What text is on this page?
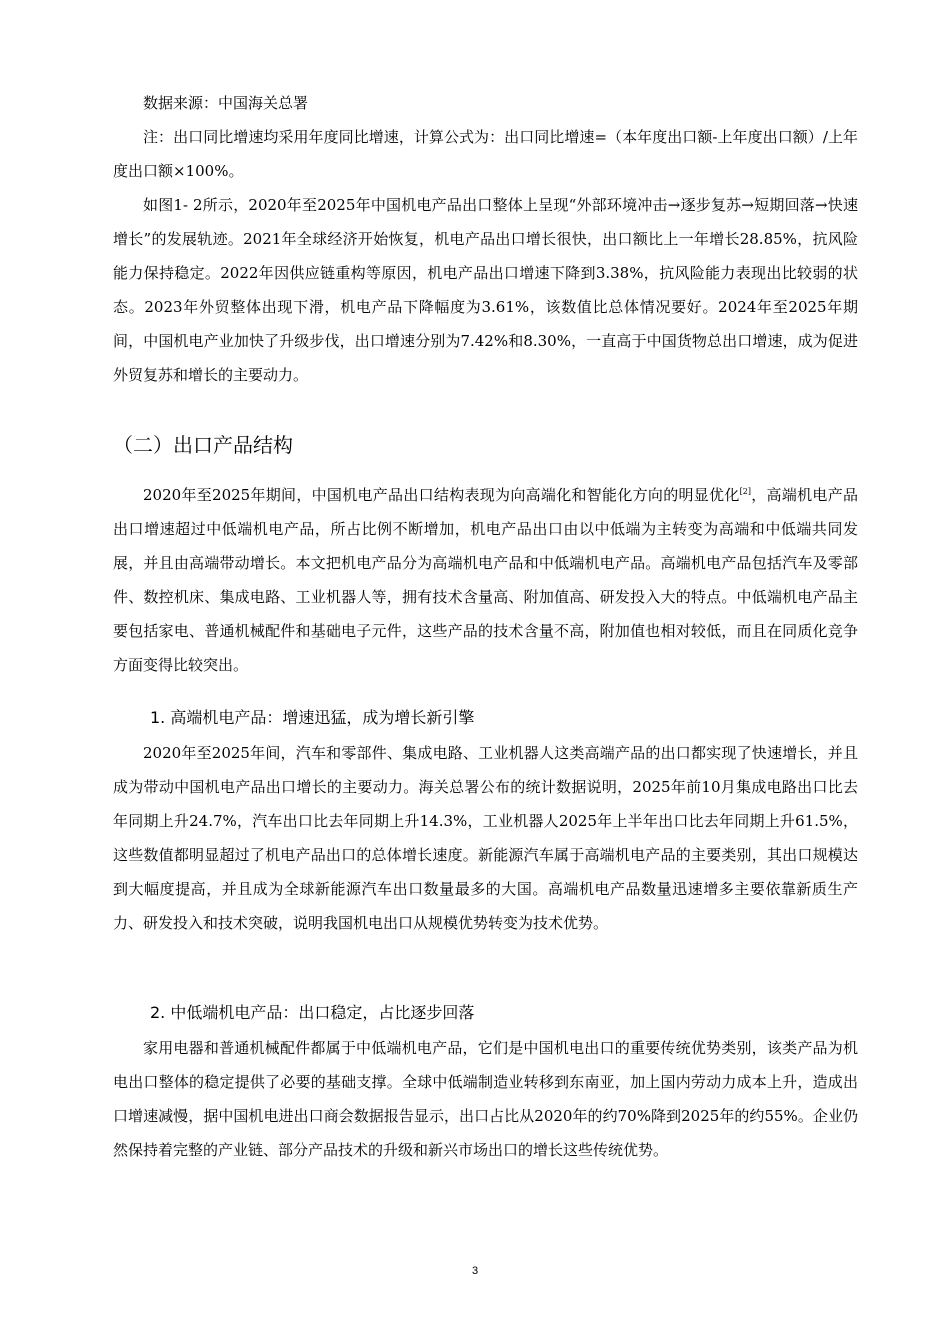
数据来源：中国海关总署

注：出口同比增速均采用年度同比增速，计算公式为：出口同比增速=（本年度出口额-上年度出口额）/上年度出口额×100%。

如图1- 2所示，2020年至2025年中国机电产品出口整体上呈现“外部环境冲击→逐步复苏→短期回落→快速增长”的发展轨迹。2021年全球经济开始恢复，机电产品出口增长很快，出口额比上一年增长28.85%，抗风险能力保持稳定。2022年因供应链重构等原因，机电产品出口增速下降到3.38%，抗风险能力表现出比较弱的状态。2023年外贸整体出现下滑，机电产品下降幅度为3.61%，该数值比总体情况要好。2024年至2025年期间，中国机电产业加快了升级步伐，出口增速分别为7.42%和8.30%，一直高于中国货物总出口增速，成为促进外贸复苏和增长的主要动力。

（二）出口产品结构

2020年至2025年期间，中国机电产品出口结构表现为向高端化和智能化方向的明显优化[2]，高端机电产品出口增速超过中低端机电产品，所占比例不断增加，机电产品出口由以中低端为主转变为高端和中低端共同发展，并且由高端带动增长。本文把机电产品分为高端机电产品和中低端机电产品。高端机电产品包括汽车及零部件、数控机床、集成电路、工业机器人等，拥有技术含量高、附加值高、研发投入大的特点。中低端机电产品主要包括家电、普通机械配件和基础电子元件，这些产品的技术含量不高，附加值也相对较低，而且在同质化竞争方面变得比较突出。

1. 高端机电产品：增速迅猛，成为增长新引擎

2020年至2025年间，汽车和零部件、集成电路、工业机器人这类高端产品的出口都实现了快速增长，并且成为带动中国机电产品出口增长的主要动力。海关总署公布的统计数据说明，2025年前10月集成电路出口比去年同期上升24.7%，汽车出口比去年同期上升14.3%，工业机器人2025年上半年出口比去年同期上升61.5%，这些数值都明显超过了机电产品出口的总体增长速度。新能源汽车属于高端机电产品的主要类别，其出口规模达到大幅度提高，并且成为全球新能源汽车出口数量最多的大国。高端机电产品数量迅速增多主要依靠新质生产力、研发投入和技术突破，说明我国机电出口从规模优势转变为技术优势。

2. 中低端机电产品：出口稳定，占比逐步回落

家用电器和普通机械配件都属于中低端机电产品，它们是中国机电出口的重要传统优势类别，该类产品为机电出口整体的稳定提供了必要的基础支撑。全球中低端制造业转移到东南亚，加上国内劳动力成本上升，造成出口增速减慢，据中国机电进出口商会数据报告显示，出口占比从2020年的约70%降到2025年的约55%。企业仍然保持着完整的产业链、部分产品技术的升级和新兴市场出口的增长这些传统优势。

3
